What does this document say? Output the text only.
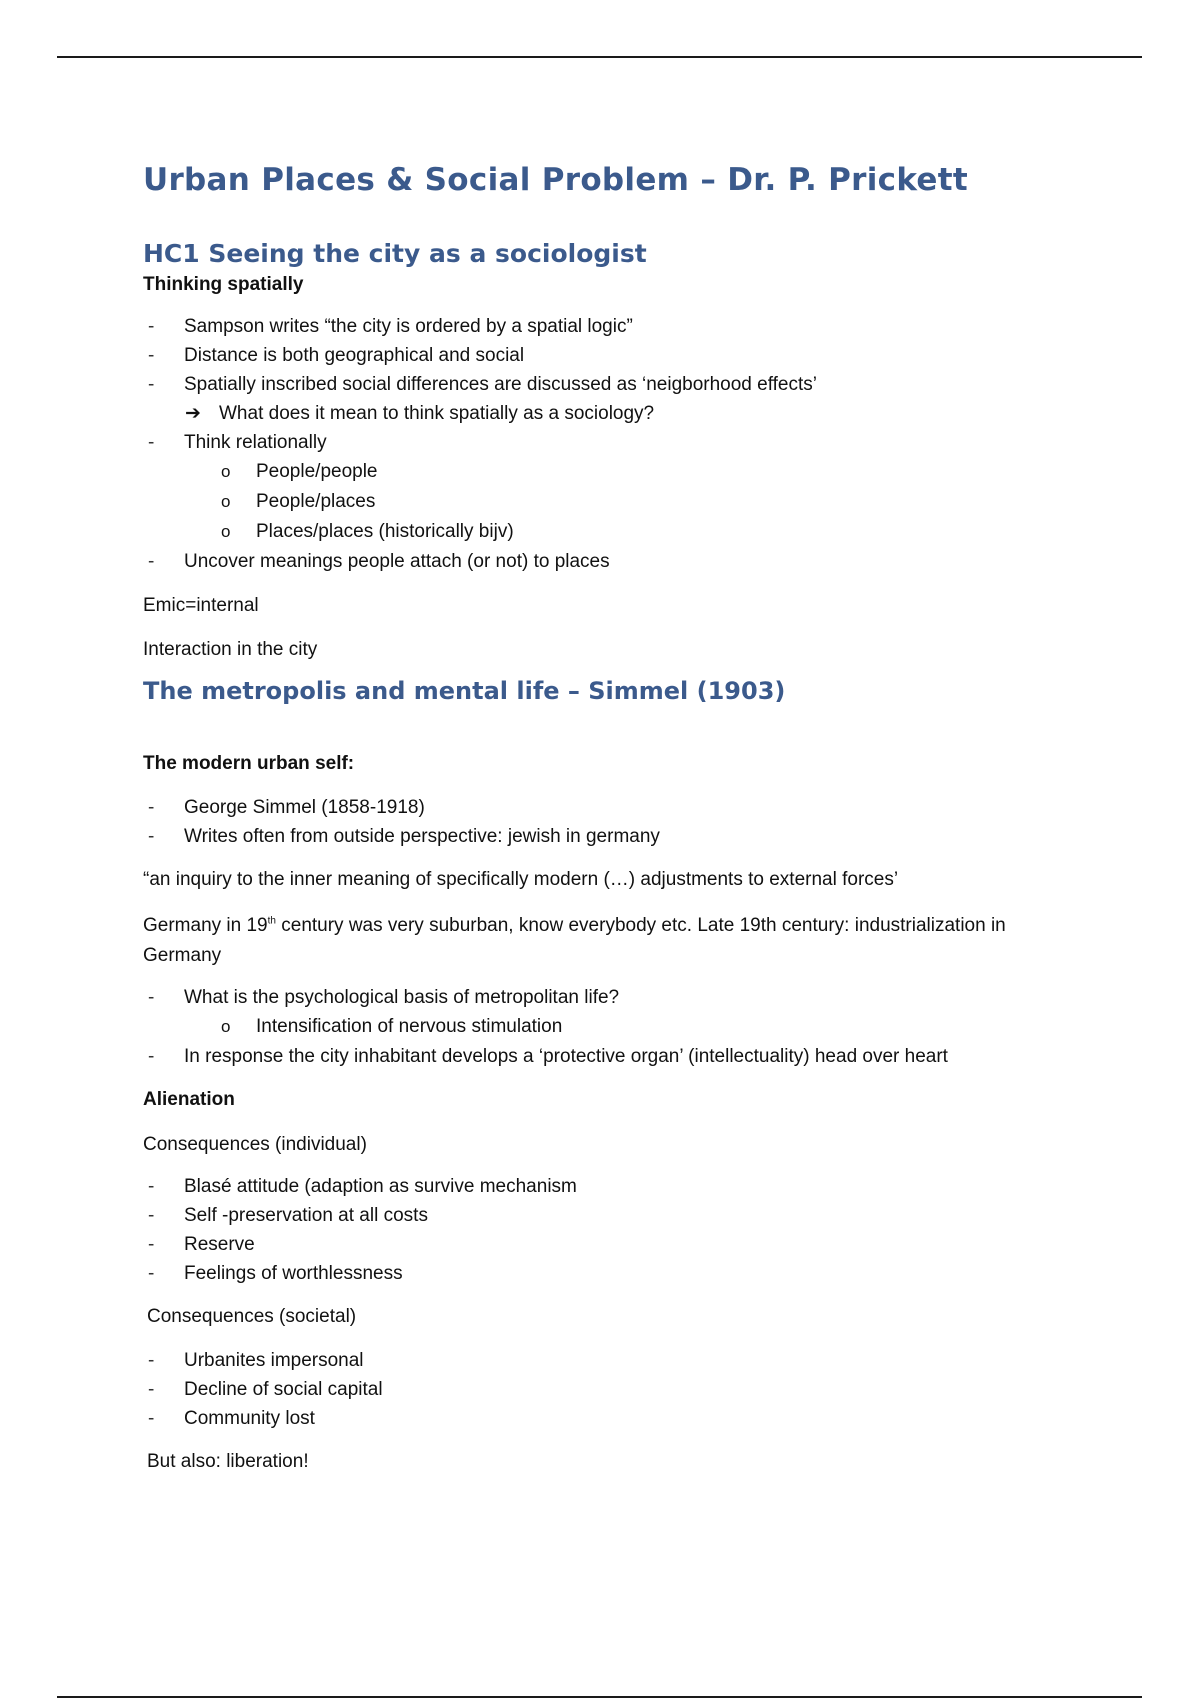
Urban Places & Social Problem – Dr. P. Prickett
HC1 Seeing the city as a sociologist

Thinking spatially

- Sampson writes “the city is ordered by a spatial logic”
- Distance is both geographical and social
- Spatially inscribed social differences are discussed as ‘neigborhood effects’
➔ What does it mean to think spatially as a sociology?
- Think relationally
o People/people
o People/places
o Places/places (historically bijv)
- Uncover meanings people attach (or not) to places

Emic=internal

Interaction in the city

The metropolis and mental life – Simmel (1903)

The modern urban self:

- George Simmel (1858-1918)
- Writes often from outside perspective: jewish in germany

“an inquiry to the inner meaning of specifically modern (…) adjustments to external forces’

Germany in 19th century was very suburban, know everybody etc. Late 19th century: industrialization in Germany

- What is the psychological basis of metropolitan life?
o Intensification of nervous stimulation
- In response the city inhabitant develops a ‘protective organ’ (intellectuality) head over heart

Alienation

Consequences (individual)

- Blasé attitude (adaption as survive mechanism
- Self -preservation at all costs
- Reserve
- Feelings of worthlessness

Consequences (societal)

- Urbanites impersonal
- Decline of social capital
- Community lost

But also: liberation!
